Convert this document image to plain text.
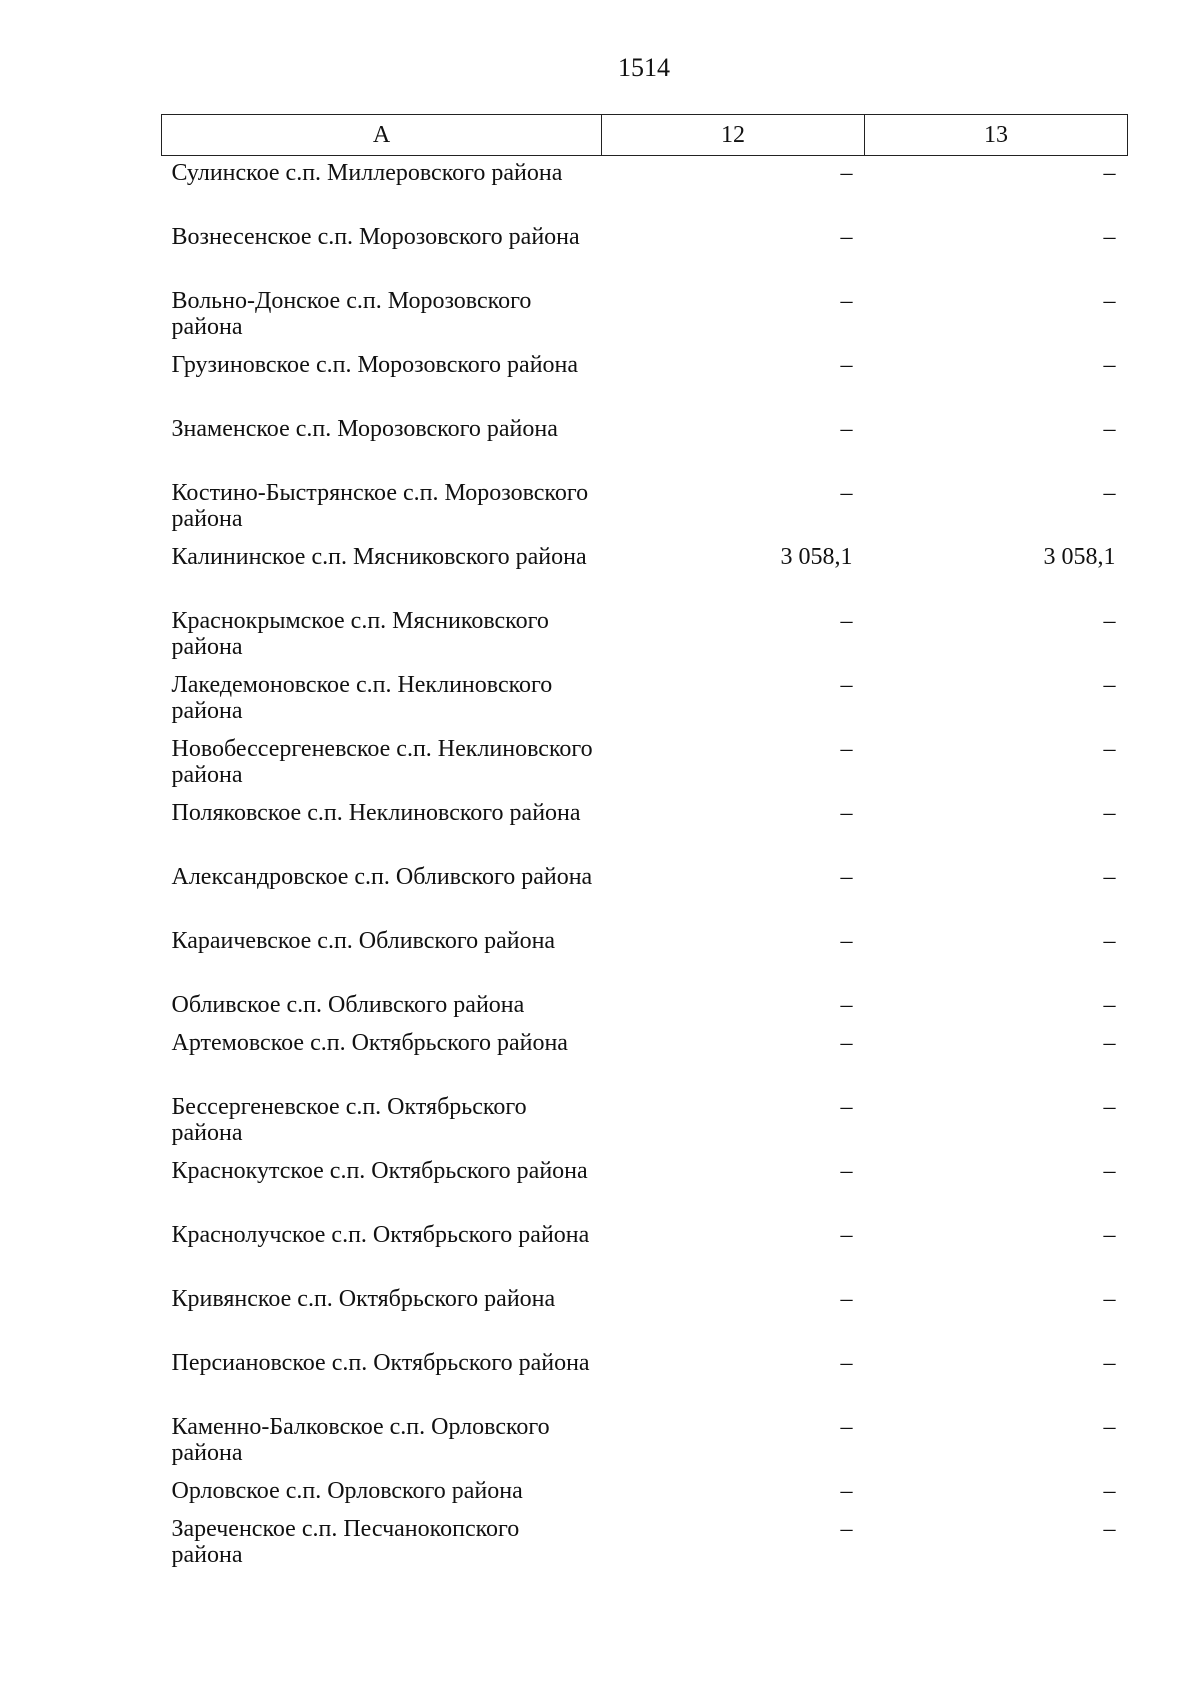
1514
А	12	13
Сулинское с.п. Миллеровского района	–	–
Вознесенское с.п. Морозовского района	–	–
Вольно-Донское с.п. Морозовского района	–	–
Грузиновское с.п. Морозовского района	–	–
Знаменское с.п. Морозовского района	–	–
Костино-Быстрянское с.п. Морозовского района	–	–
Калининское с.п. Мясниковского района	3 058,1	3 058,1
Краснокрымское с.п. Мясниковского района	–	–
Лакедемоновское с.п. Неклиновского района	–	–
Новобессергеневское с.п. Неклиновского района	–	–
Поляковское с.п. Неклиновского района	–	–
Александровское с.п. Обливского района	–	–
Караичевское с.п. Обливского района	–	–
Обливское с.п. Обливского района	–	–
Артемовское с.п. Октябрьского района	–	–
Бессергеневское с.п. Октябрьского района	–	–
Краснокутское с.п. Октябрьского района	–	–
Краснолучское с.п. Октябрьского района	–	–
Кривянское с.п. Октябрьского района	–	–
Персиановское с.п. Октябрьского района	–	–
Каменно-Балковское с.п. Орловского района	–	–
Орловское с.п. Орловского района	–	–
Зареченское с.п. Песчанокопского района	–	–
